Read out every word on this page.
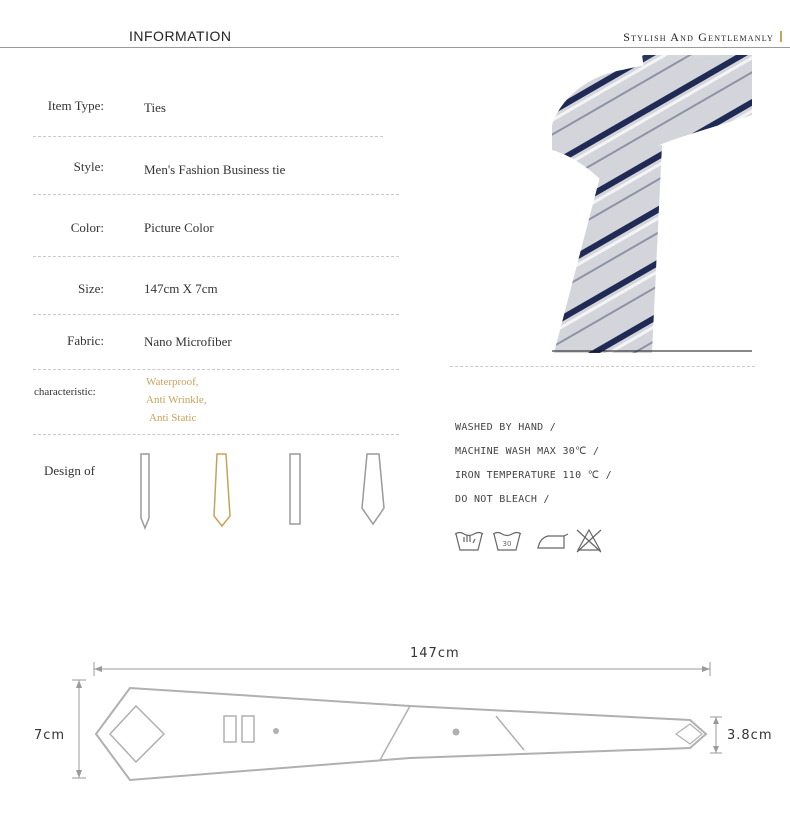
INFORMATION	Stylish And Gentlemanly
Item Type:	Ties
Style:	Men's Fashion Business tie
Color:	Picture Color
Size:	147cm X 7cm
Fabric:	Nano Microfiber
characteristic:
Waterproof,
Anti Wrinkle,
Anti Static
Design of
WASHED BY HAND /
MACHINE WASH MAX 30℃ /
IRON TEMPERATURE 110 ℃ /
DO NOT BLEACH /
30
147cm
7cm	3.8cm
